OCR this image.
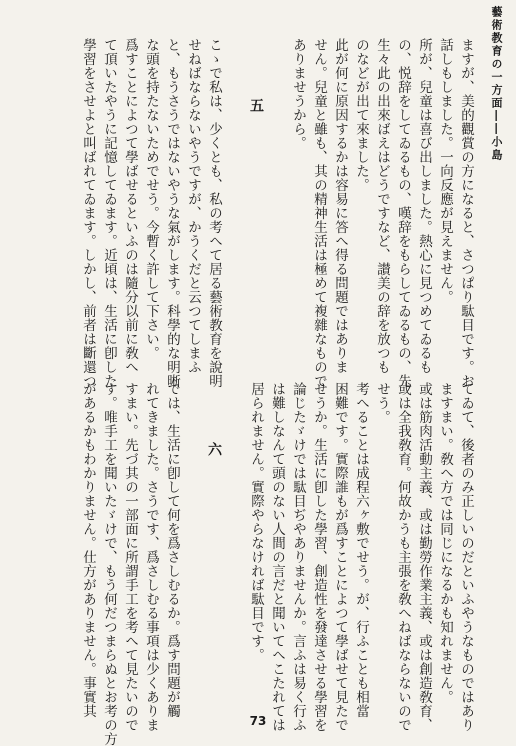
藝術教育の一方面――小島
ますが、美的觀賞の方になると、さつぱり駄目です。お
話しもしました。一向反應が見えません。
所が、兒童は喜び出しました。熱心に見つめてゐるも
の、悦辞をしてゐるもの、嘆辞をもらしてゐるもの、先
生々此の出來ばえはどうですなど、讃美の辞を放つも
のなどが出て來ました。
此が何に原因するかは容易に答へ得る問題ではありま
せん。兒童と雖も、其の精神生活は極めて複雜なもので
ありませうから。

五

こゝで私は、少くとも、私の考へて居る藝術教育を說明
せねばならないやうですが、かうくだと云つてしまふ
と、もうさうではないやうな氣がします。科學的な明晰
な頭を持たないためでせう。今暫く許して下さい。
爲すことによつて學ばせるといふのは隨分以前に敎へ
て頂いたやうに記憶してゐます。近頃は、生活に卽した
學習をさせよと叫ばれてゐます。しかし、前者は斷還つ
てゐて、後者のみ正しいのだといふやうなものではあり
ますまい。敎へ方では同じになるかも知れません。
或は筋肉活動主義、或は勤勞作業主義、或は創造敎育、
或は全我敎育。何故かうも主張を敎へねばならないので
せう。
考へることは成程六ヶ敷でせう。が、行ふことも相當
困難です。實際誰もが爲すことによつて學ばせて見たで
せうか。生活に卽した學習、創造性を發達させる學習を
論じたゞけでは駄目ぢやありませんか。言ふは易く行ふ
は難しなんて頭のない人間の言だと聞いてへこたれては
居られません。實際やらなければ駄目です。

六

では、生活に卽して何を爲さしむるか。爲す問題が觸
れてきました。さうです、爲さしむる事項は少くありま
すまい。先づ其の一部面に所謂手工を考へて見たいので
す。唯手工を聞いたゞけで、もう何だつまらぬとお考の方
があるかもわかりません。仕方がありません。事實其
73
